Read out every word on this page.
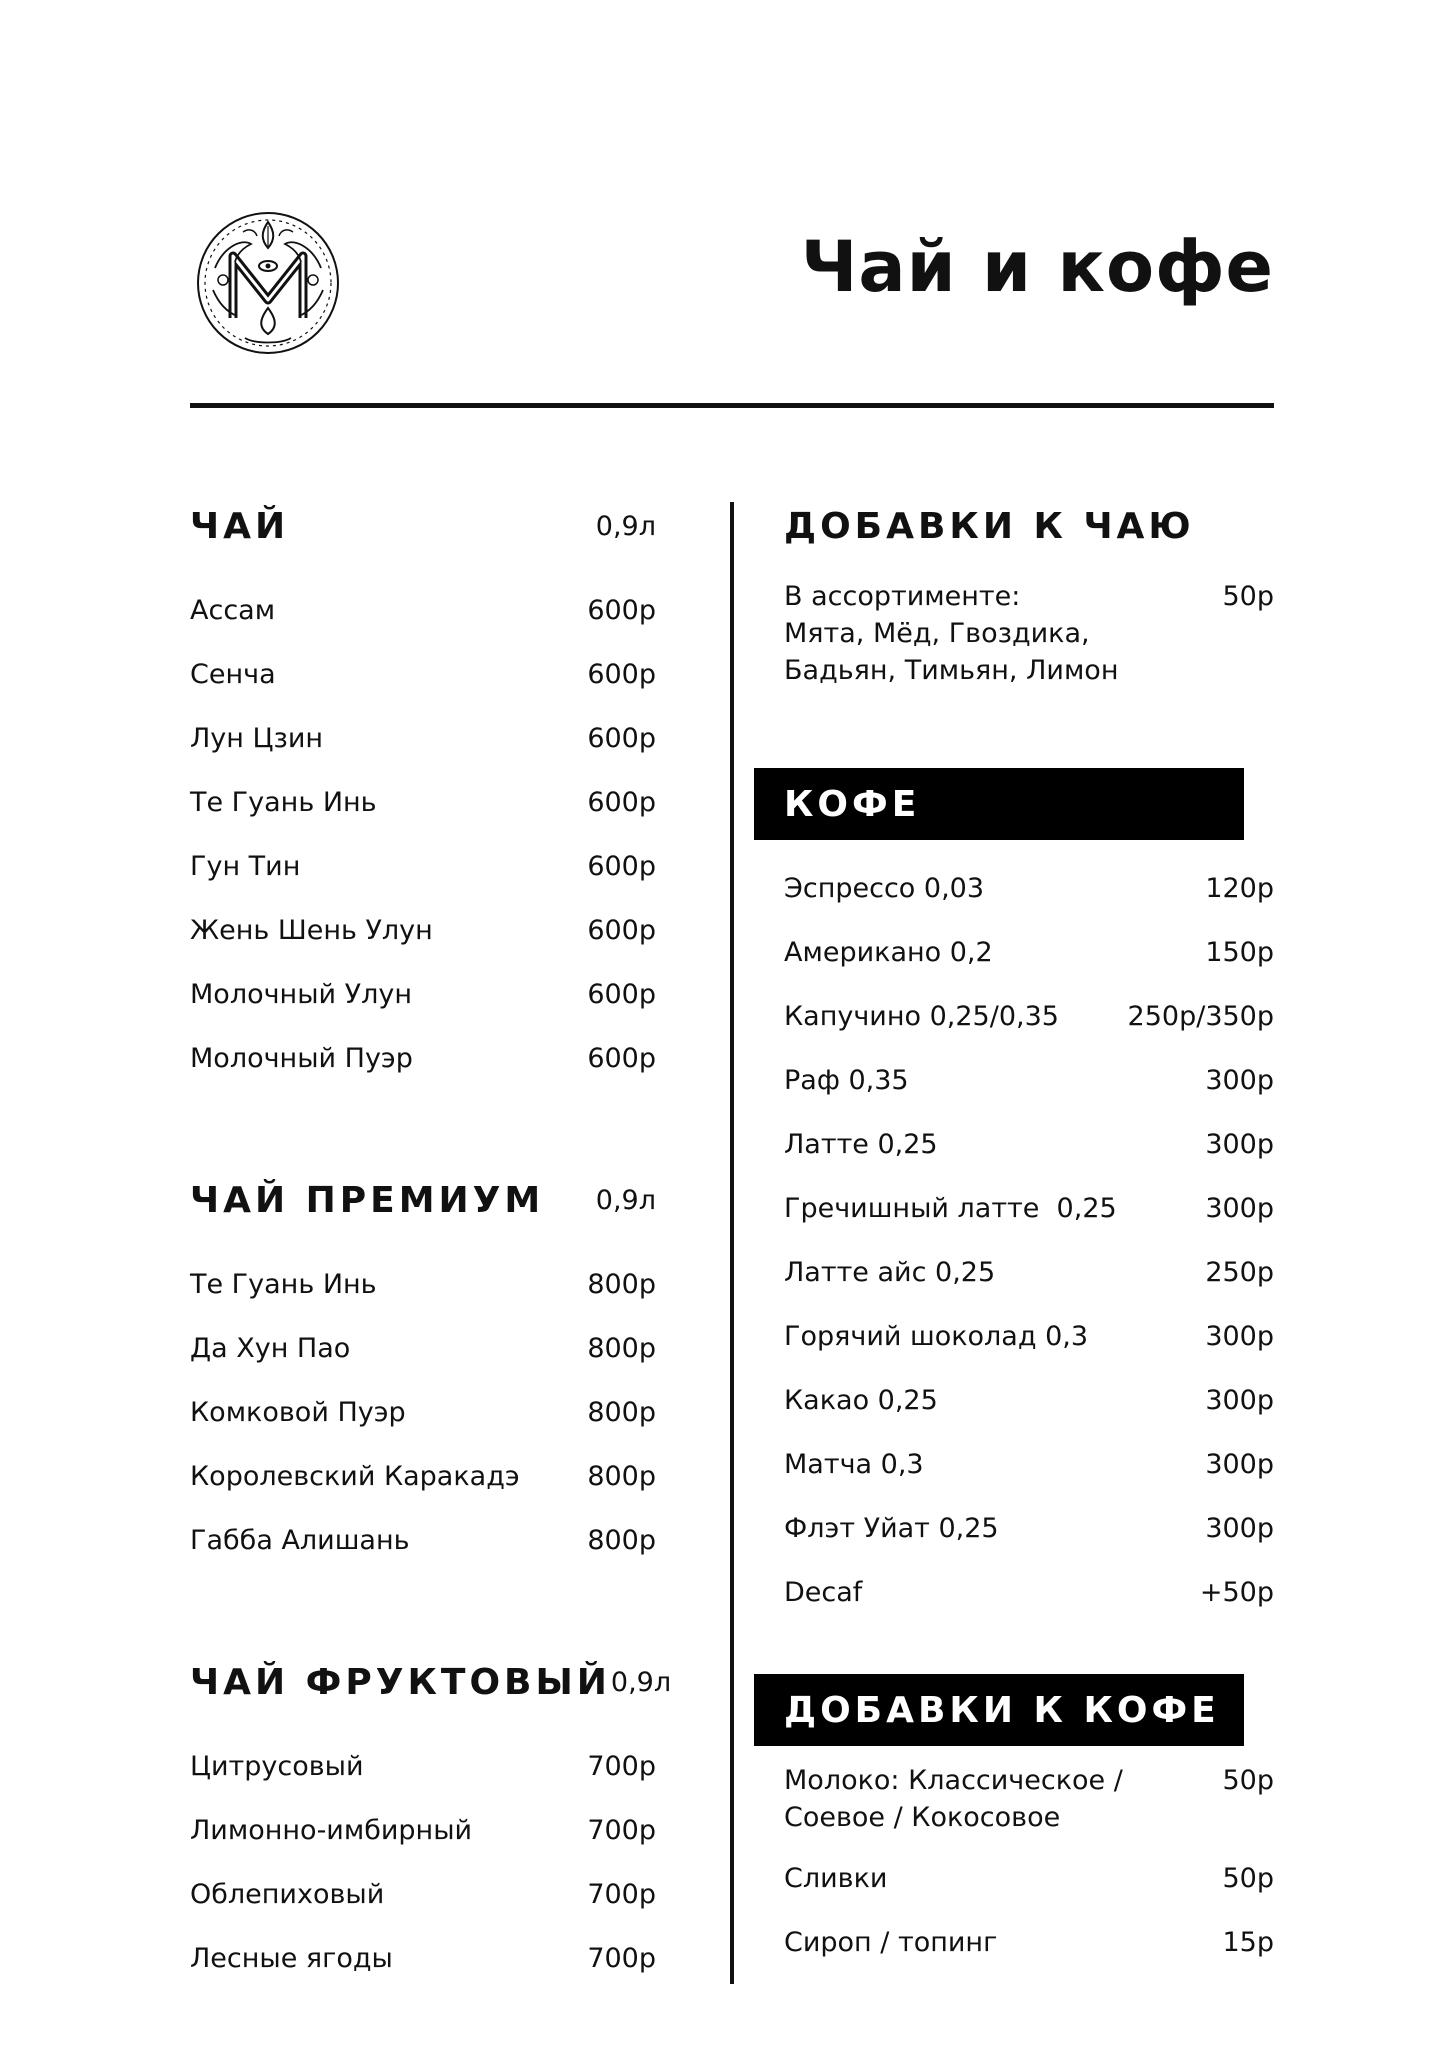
Чай и кофе
ЧАЙ	0,9л
Ассам	600р
Сенча	600р
Лун Цзин	600р
Те Гуань Инь	600р
Гун Тин	600р
Жень Шень Улун	600р
Молочный Улун	600р
Молочный Пуэр	600р
ЧАЙ ПРЕМИУМ 0,9л
Те Гуань Инь	800р
Да Хун Пао	800р
Комковой Пуэр	800р
Королевский Каракадэ	800р
Габба Алишань	800р
ЧАЙ ФРУКТОВЫЙ 0,9л
Цитрусовый	700р
Лимонно-имбирный	700р
Облепиховый	700р
Лесные ягоды	700р
ДОБАВКИ К ЧАЮ
В ассортименте:
Мята, Мёд, Гвоздика,
Бадьян, Тимьян, Лимон
50р
КОФЕ
Эспрессо 0,03	120р
Американо 0,2	150р
Капучино 0,25/0,35	250р/350р
Раф 0,35	300р
Латте 0,25	300р
Гречишный латте  0,25	300р
Латте айс 0,25	250р
Горячий шоколад 0,3	300р
Какао 0,25	300р
Матча 0,3	300р
Флэт Уйат 0,25	300р
Decaf	+50р
ДОБАВКИ К КОФЕ
Молоко: Классическое /
Соевое / Кокосовое
50р
Сливки	50р
Сироп / топинг	15р
